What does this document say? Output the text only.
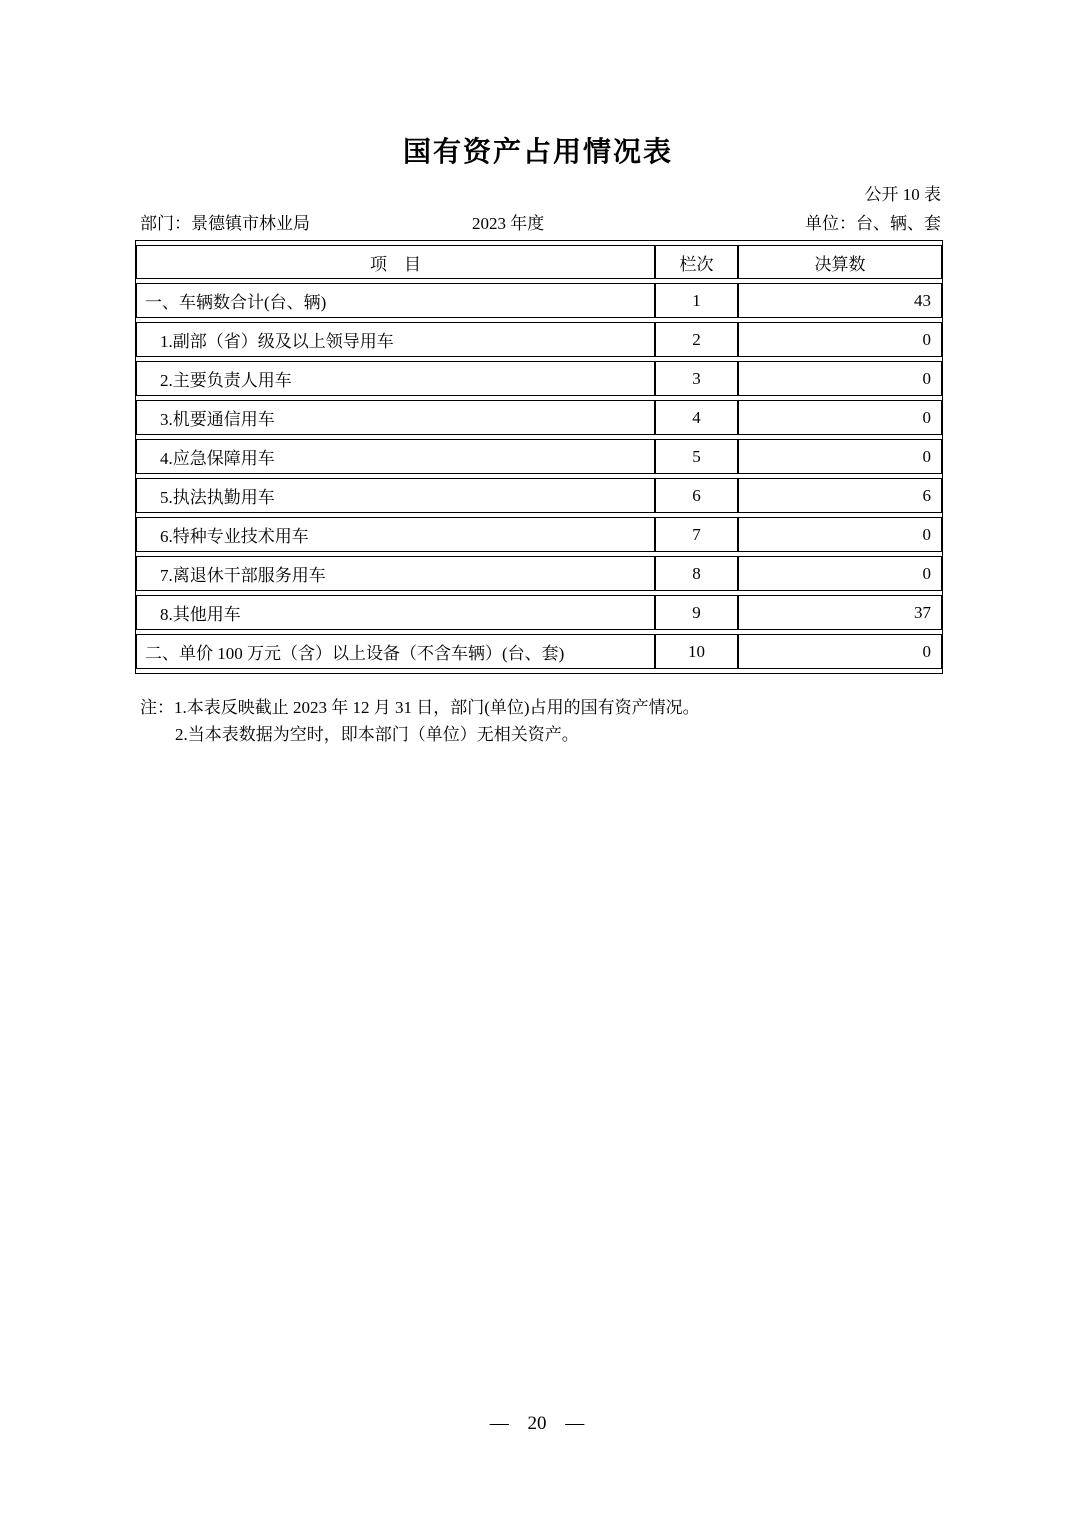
国有资产占用情况表
公开 10 表
部门：景德镇市林业局	2023 年度	单位：台、辆、套
项　目	栏次	决算数
一、车辆数合计(台、辆)	1	43
1.副部（省）级及以上领导用车	2	0
2.主要负责人用车	3	0
3.机要通信用车	4	0
4.应急保障用车	5	0
5.执法执勤用车	6	6
6.特种专业技术用车	7	0
7.离退休干部服务用车	8	0
8.其他用车	9	37
二、单价 100 万元（含）以上设备（不含车辆）(台、套)	10	0
注：1.本表反映截止 2023 年 12 月 31 日，部门(单位)占用的国有资产情况。
2.当本表数据为空时，即本部门（单位）无相关资产。
— 20 —
